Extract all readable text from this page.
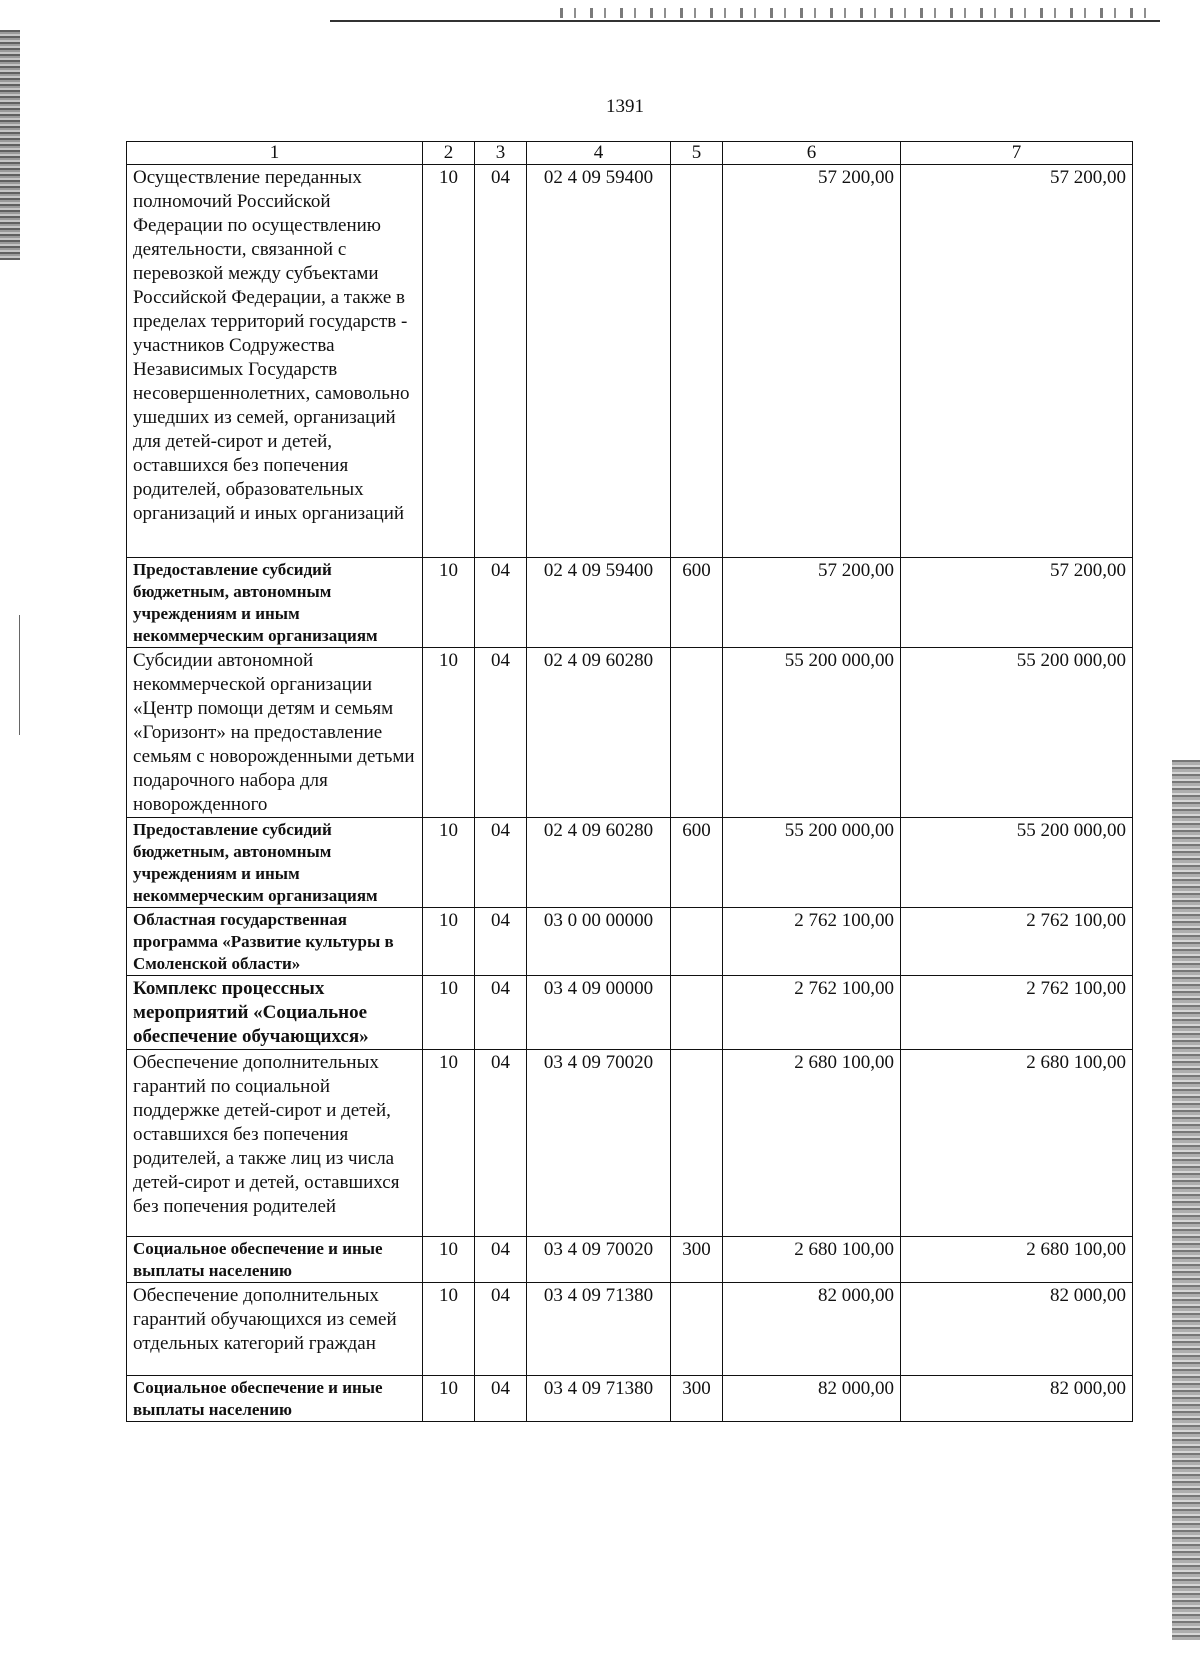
1391
1	2	3	4	5	6	7
Осуществление переданных полномочий Российской Федерации по осуществлению деятельности, связанной с перевозкой между субъектами Российской Федерации, а также в пределах территорий государств - участников Содружества Независимых Государств несовершеннолетних, самовольно ушедших из семей, организаций для детей-сирот и детей, оставшихся без попечения родителей, образовательных организаций и иных организаций	10	04	02 4 09 59400		57 200,00	57 200,00
Предоставление субсидий бюджетным, автономным учреждениям и иным некоммерческим организациям	10	04	02 4 09 59400	600	57 200,00	57 200,00
Субсидии автономной некоммерческой организации «Центр помощи детям и семьям «Горизонт» на предоставление семьям с новорожденными детьми подарочного набора для новорожденного	10	04	02 4 09 60280		55 200 000,00	55 200 000,00
Предоставление субсидий бюджетным, автономным учреждениям и иным некоммерческим организациям	10	04	02 4 09 60280	600	55 200 000,00	55 200 000,00
Областная государственная программа «Развитие культуры в Смоленской области»	10	04	03 0 00 00000		2 762 100,00	2 762 100,00
Комплекс процессных мероприятий «Социальное обеспечение обучающихся»	10	04	03 4 09 00000		2 762 100,00	2 762 100,00
Обеспечение дополнительных гарантий по социальной поддержке детей-сирот и детей, оставшихся без попечения родителей, а также лиц из числа детей-сирот и детей, оставшихся без попечения родителей	10	04	03 4 09 70020		2 680 100,00	2 680 100,00
Социальное обеспечение и иные выплаты населению	10	04	03 4 09 70020	300	2 680 100,00	2 680 100,00
Обеспечение дополнительных гарантий обучающихся из семей отдельных категорий граждан	10	04	03 4 09 71380		82 000,00	82 000,00
Социальное обеспечение и иные выплаты населению	10	04	03 4 09 71380	300	82 000,00	82 000,00
